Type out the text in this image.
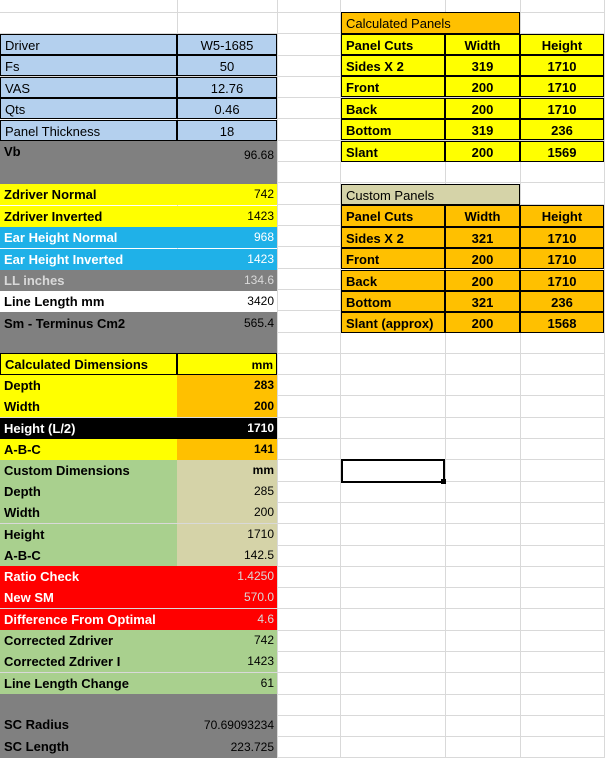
Driver	W5-1685
Fs	50
VAS	12.76
Qts	0.46
Panel Thickness	18
Vb	96.68
Zdriver Normal	742
Zdriver Inverted	1423
Ear Height Normal	968
Ear Height Inverted	1423
LL inches	134.6
Line Length mm	3420
Sm - Terminus Cm2	565.4
Calculated Dimensions	mm
Depth	283
Width	200
Height (L/2)	1710
A-B-C	141
Custom Dimensions	mm
Depth	285
Width	200
Height	1710
A-B-C	142.5
Ratio Check	1.4250
New SM	570.0
Difference From Optimal	4.6
Corrected Zdriver	742
Corrected Zdriver I	1423
Line Length Change	61
SC Radius	70.69093234
SC Length	223.725
Calculated Panels
Panel Cuts	Width	Height
Sides X 2	319	1710
Front	200	1710
Back	200	1710
Bottom	319	236
Slant	200	1569
Custom Panels
Panel Cuts	Width	Height
Sides X 2	321	1710
Front	200	1710
Back	200	1710
Bottom	321	236
Slant (approx)	200	1568
